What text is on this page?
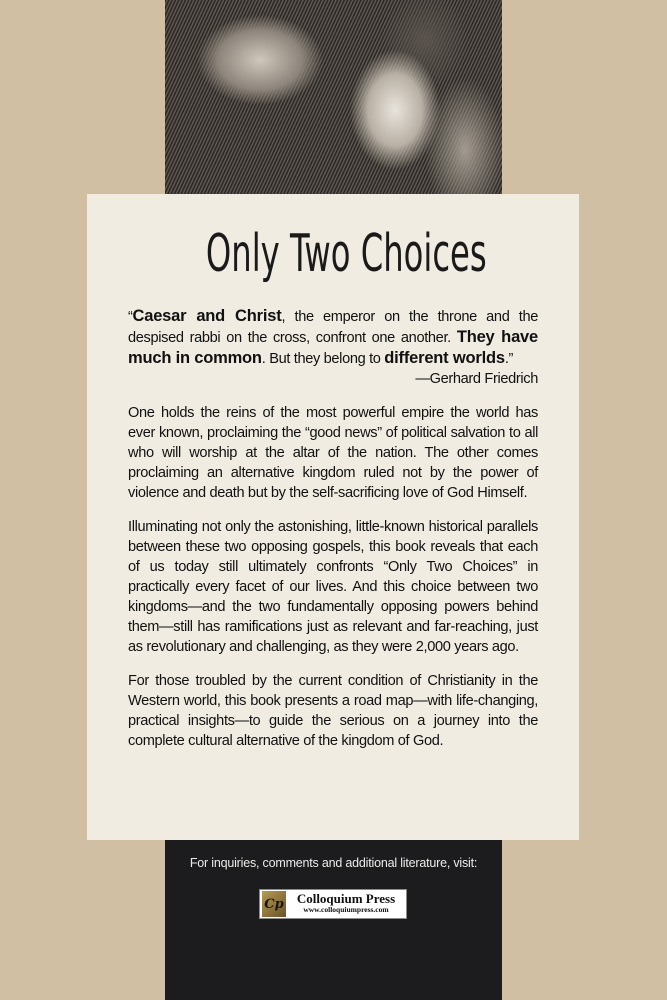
Only Two Choices

“Caesar and Christ, the emperor on the throne and the despised rabbi on the cross, confront one another. They have much in common. But they belong to different worlds.”

—Gerhard Friedrich

One holds the reins of the most powerful empire the world has ever known, proclaiming the “good news” of political salvation to all who will worship at the altar of the nation. The other comes proclaiming an alternative kingdom ruled not by the power of violence and death but by the self-sacrificing love of God Himself.

Illuminating not only the astonishing, little-known historical parallels between these two opposing gospels, this book reveals that each of us today still ultimately confronts “Only Two Choices” in practically every facet of our lives. And this choice between two kingdoms—and the two fundamentally opposing powers behind them—still has ramifications just as relevant and far-reaching, just as revolutionary and challenging, as they were 2,000 years ago.

For those troubled by the current condition of Christianity in the Western world, this book presents a road map—with life-changing, practical insights—to guide the serious on a journey into the complete cultural alternative of the kingdom of God.

For inquiries, comments and additional literature, visit:
Cp	Colloquium Press
www.colloquiumpress.com
